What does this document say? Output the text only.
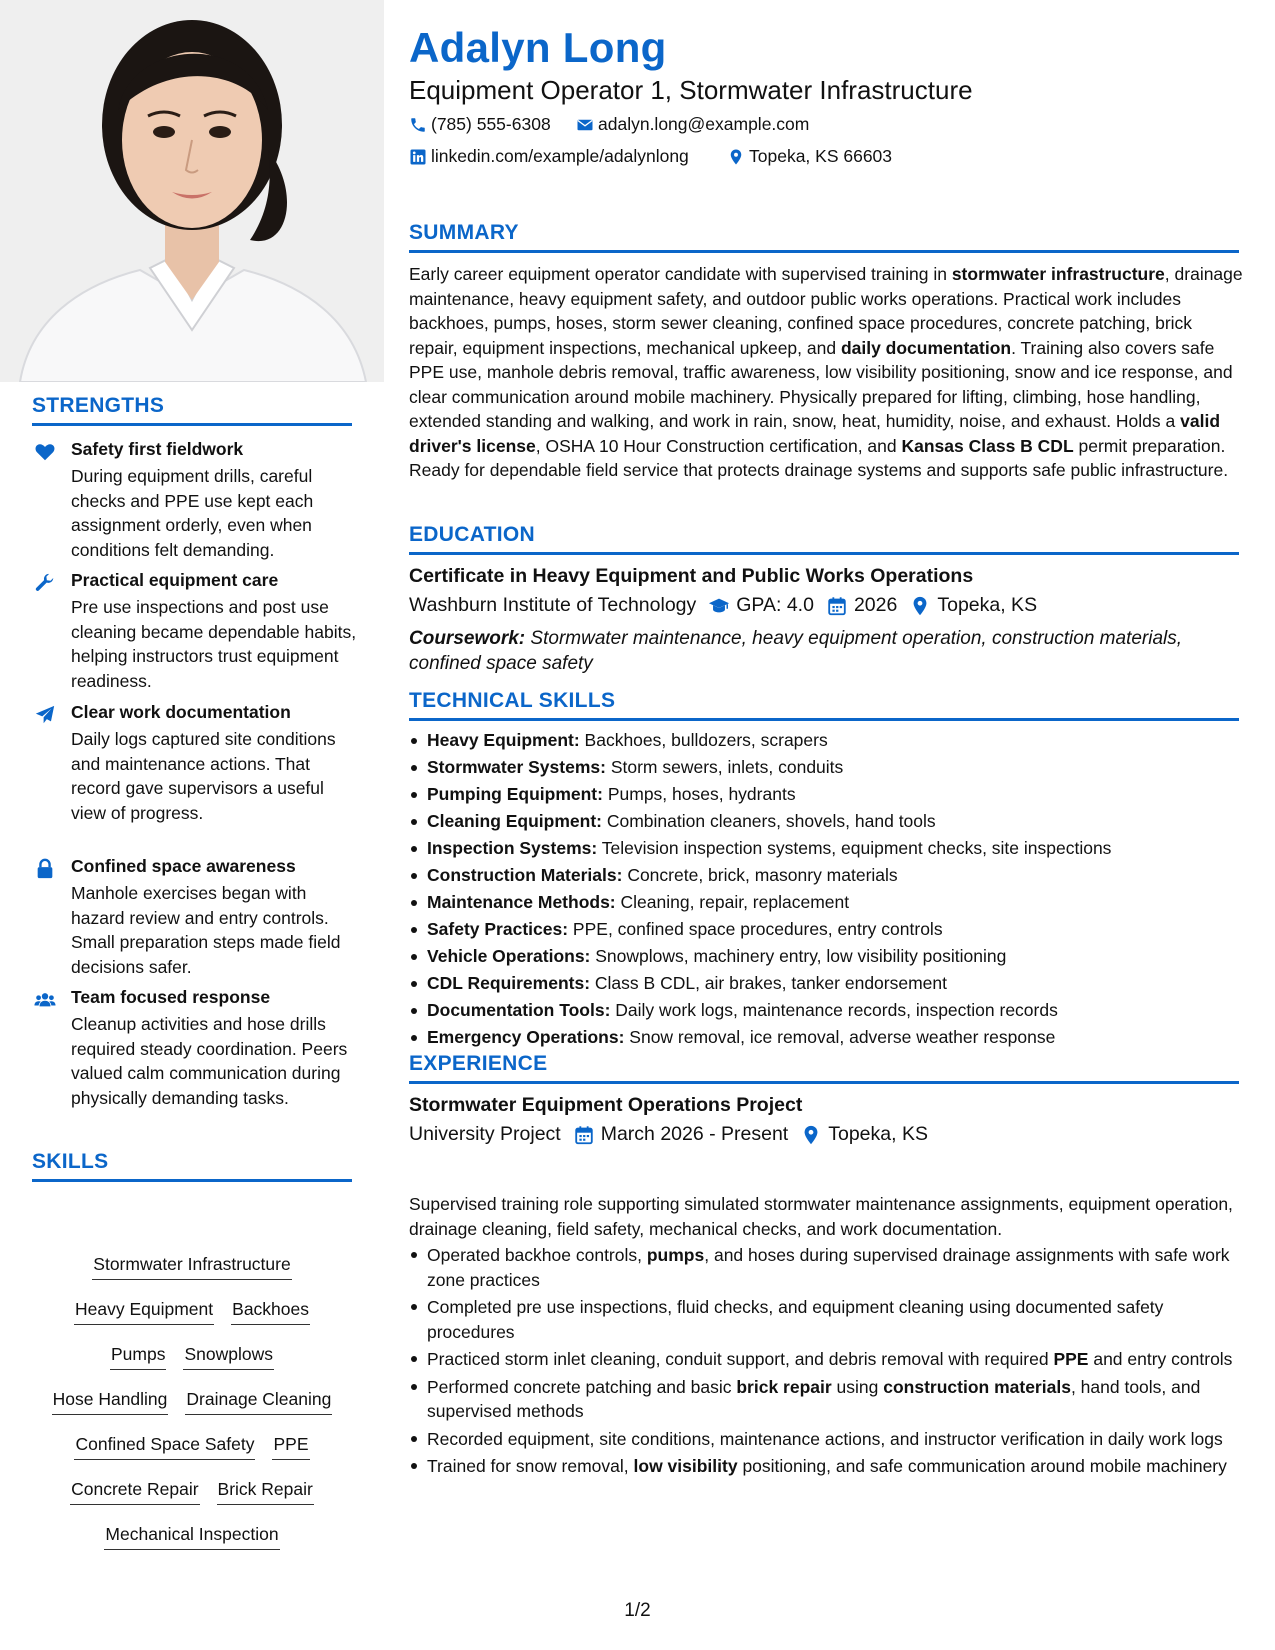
STRENGTHS
Safety first fieldwork
During equipment drills, careful checks and PPE use kept each assignment orderly, even when conditions felt demanding.
Practical equipment care
Pre use inspections and post use cleaning became dependable habits, helping instructors trust equipment readiness.
Clear work documentation
Daily logs captured site conditions and maintenance actions. That record gave supervisors a useful view of progress.
Confined space awareness
Manhole exercises began with hazard review and entry controls. Small preparation steps made field decisions safer.
Team focused response
Cleanup activities and hose drills required steady coordination. Peers valued calm communication during physically demanding tasks.
SKILLS
Stormwater Infrastructure
Heavy Equipment Backhoes
Pumps Snowplows
Hose Handling Drainage Cleaning
Confined Space Safety PPE
Concrete Repair Brick Repair
Mechanical Inspection
Adalyn Long
Equipment Operator 1, Stormwater Infrastructure
(785) 555-6308	adalyn.long@example.com
linkedin.com/example/adalynlong	Topeka, KS 66603
SUMMARY
Early career equipment operator candidate with supervised training in stormwater infrastructure, drainage maintenance, heavy equipment safety, and outdoor public works operations. Practical work includes backhoes, pumps, hoses, storm sewer cleaning, confined space procedures, concrete patching, brick repair, equipment inspections, mechanical upkeep, and daily documentation. Training also covers safe PPE use, manhole debris removal, traffic awareness, low visibility positioning, snow and ice response, and clear communication around mobile machinery. Physically prepared for lifting, climbing, hose handling, extended standing and walking, and work in rain, snow, heat, humidity, noise, and exhaust. Holds a valid driver's license, OSHA 10 Hour Construction certification, and Kansas Class B CDL permit preparation. Ready for dependable field service that protects drainage systems and supports safe public infrastructure.
EDUCATION
Certificate in Heavy Equipment and Public Works Operations
Washburn Institute of Technology GPA: 4.0 2026 Topeka, KS
Coursework: Stormwater maintenance, heavy equipment operation, construction materials, confined space safety
TECHNICAL SKILLS
Heavy Equipment: Backhoes, bulldozers, scrapers
Stormwater Systems: Storm sewers, inlets, conduits
Pumping Equipment: Pumps, hoses, hydrants
Cleaning Equipment: Combination cleaners, shovels, hand tools
Inspection Systems: Television inspection systems, equipment checks, site inspections
Construction Materials: Concrete, brick, masonry materials
Maintenance Methods: Cleaning, repair, replacement
Safety Practices: PPE, confined space procedures, entry controls
Vehicle Operations: Snowplows, machinery entry, low visibility positioning
CDL Requirements: Class B CDL, air brakes, tanker endorsement
Documentation Tools: Daily work logs, maintenance records, inspection records
Emergency Operations: Snow removal, ice removal, adverse weather response
EXPERIENCE
Stormwater Equipment Operations Project
University Project March 2026 - Present Topeka, KS
Supervised training role supporting simulated stormwater maintenance assignments, equipment operation, drainage cleaning, field safety, mechanical checks, and work documentation.
Operated backhoe controls, pumps, and hoses during supervised drainage assignments with safe work zone practices
Completed pre use inspections, fluid checks, and equipment cleaning using documented safety procedures
Practiced storm inlet cleaning, conduit support, and debris removal with required PPE and entry controls
Performed concrete patching and basic brick repair using construction materials, hand tools, and supervised methods
Recorded equipment, site conditions, maintenance actions, and instructor verification in daily work logs
Trained for snow removal, low visibility positioning, and safe communication around mobile machinery
1/2
